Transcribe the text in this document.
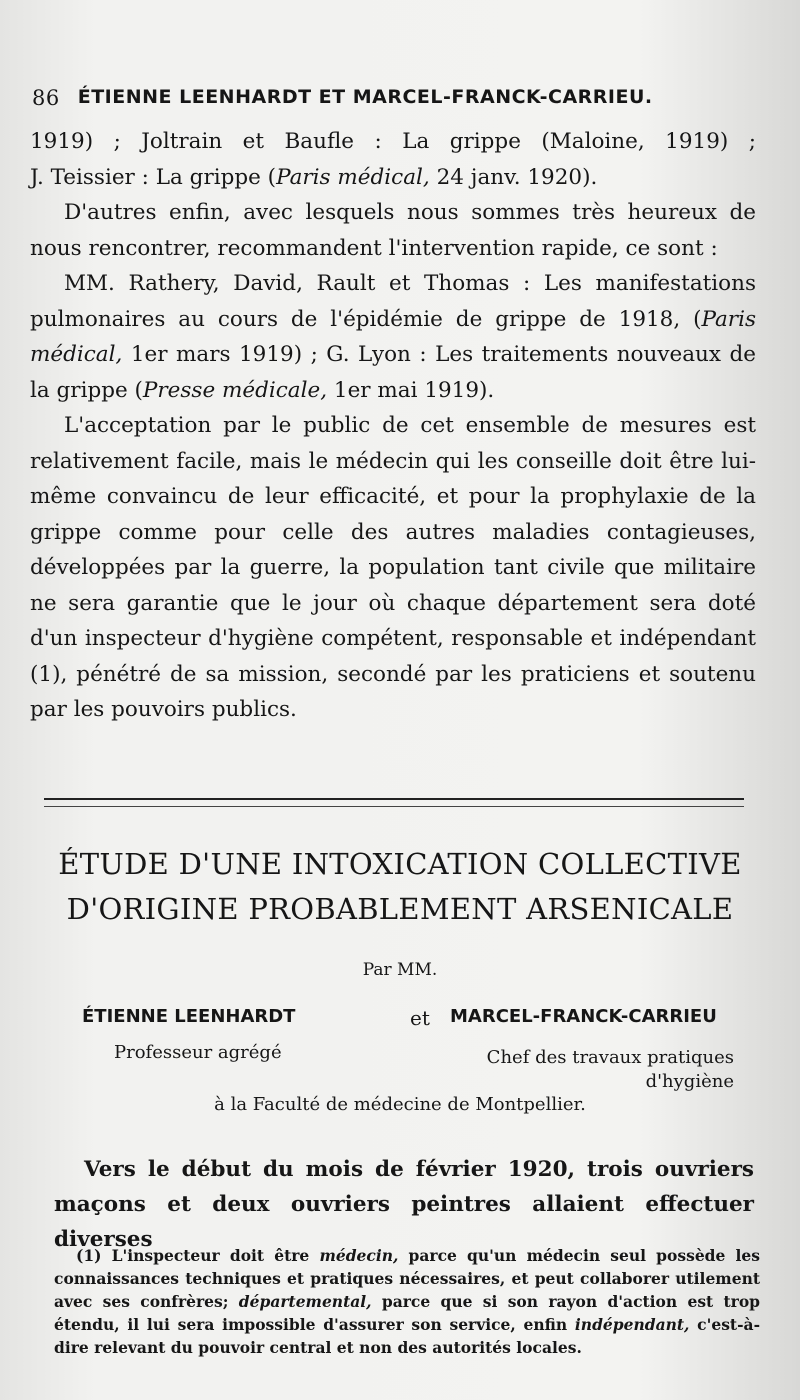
86 ÉTIENNE LEENHARDT ET MARCEL-FRANCK-CARRIEU.

1919) ; Joltrain et Baufle : La grippe (Maloine, 1919) ;

J. Teissier : La grippe (Paris médical, 24 janv. 1920).

D'autres enfin, avec lesquels nous sommes très heureux de nous rencontrer, recommandent l'intervention rapide, ce sont :

MM. Rathery, David, Rault et Thomas : Les manifestations pulmonaires au cours de l'épidémie de grippe de 1918, (Paris médical, 1er mars 1919) ; G. Lyon : Les traitements nouveaux de la grippe (Presse médicale, 1er mai 1919).

L'acceptation par le public de cet ensemble de mesures est relativement facile, mais le médecin qui les conseille doit être lui-même convaincu de leur efficacité, et pour la prophylaxie de la grippe comme pour celle des autres maladies contagieuses, développées par la guerre, la population tant civile que militaire ne sera garantie que le jour où chaque département sera doté d'un inspecteur d'hygiène compétent, responsable et indépendant (1), pénétré de sa mission, secondé par les praticiens et soutenu par les pouvoirs publics.

ÉTUDE D'UNE INTOXICATION COLLECTIVE
D'ORIGINE PROBABLEMENT ARSENICALE
Par MM.
ÉTIENNE LEENHARDT	et MARCEL-FRANCK-CARRIEU
Professeur agrégé	Chef des travaux pratiques
d'hygiène
à la Faculté de médecine de Montpellier.

Vers le début du mois de février 1920, trois ouvriers maçons et deux ouvriers peintres allaient effectuer diverses

(1) L'inspecteur doit être médecin, parce qu'un médecin seul possède les connaissances techniques et pratiques nécessaires, et peut collaborer utilement avec ses confrères; départemental, parce que si son rayon d'action est trop étendu, il lui sera impossible d'assurer son service, enfin indépendant, c'est-à-dire relevant du pouvoir central et non des autorités locales.
